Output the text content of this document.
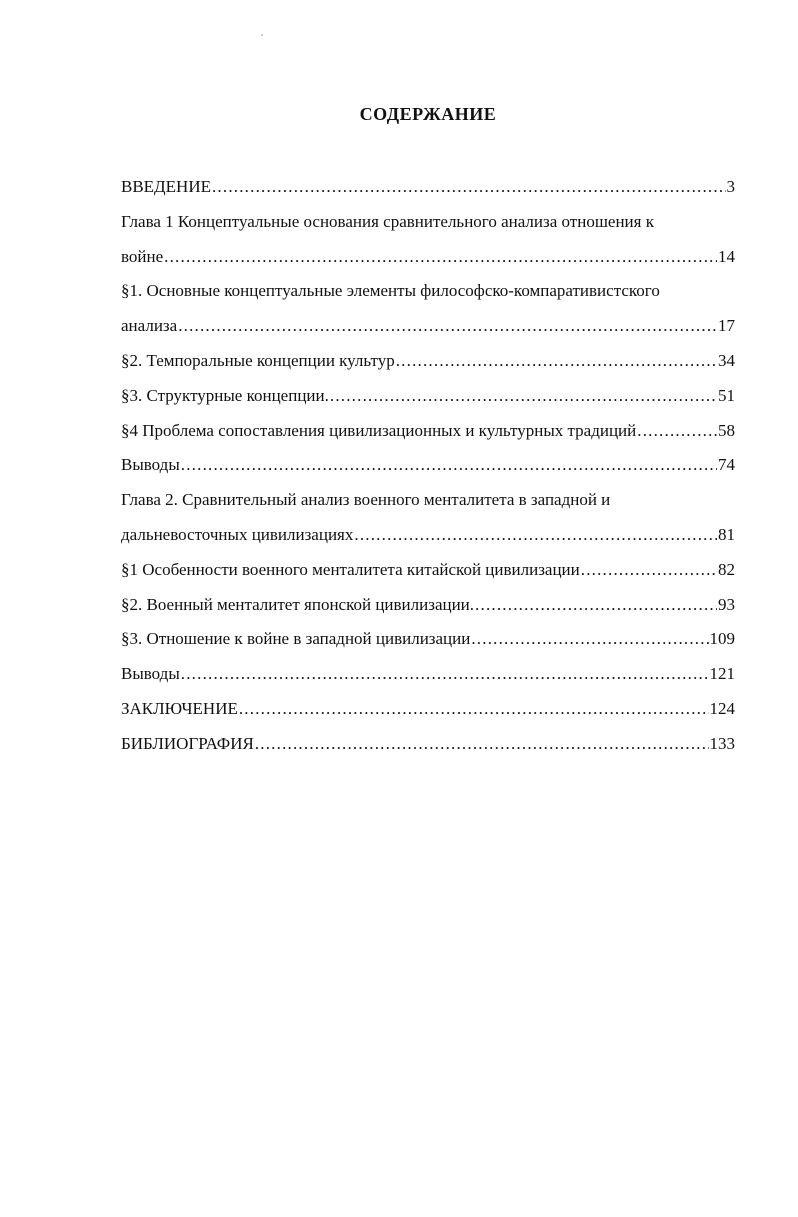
СОДЕРЖАНИЕ
ВВЕДЕНИЕ .....	3
Глава 1 Концептуальные основания сравнительного анализа отношения к
войне .....	14
§1. Основные концептуальные элементы философско-компаративистского
анализа .....	17
§2. Темпоральные концепции культур .....	34
§3. Структурные концепции. .....	51
§4 Проблема сопоставления цивилизационных и культурных традиций .....	58
Выводы .....	74
Глава 2. Сравнительный анализ военного менталитета в западной и
дальневосточных цивилизациях .....	81
§1 Особенности военного менталитета китайской цивилизации .....	82
§2. Военный менталитет японской цивилизации. .....	93
§3. Отношение к войне в западной цивилизации .....	109
Выводы .....	121
ЗАКЛЮЧЕНИЕ .....	124
БИБЛИОГРАФИЯ .....	133
